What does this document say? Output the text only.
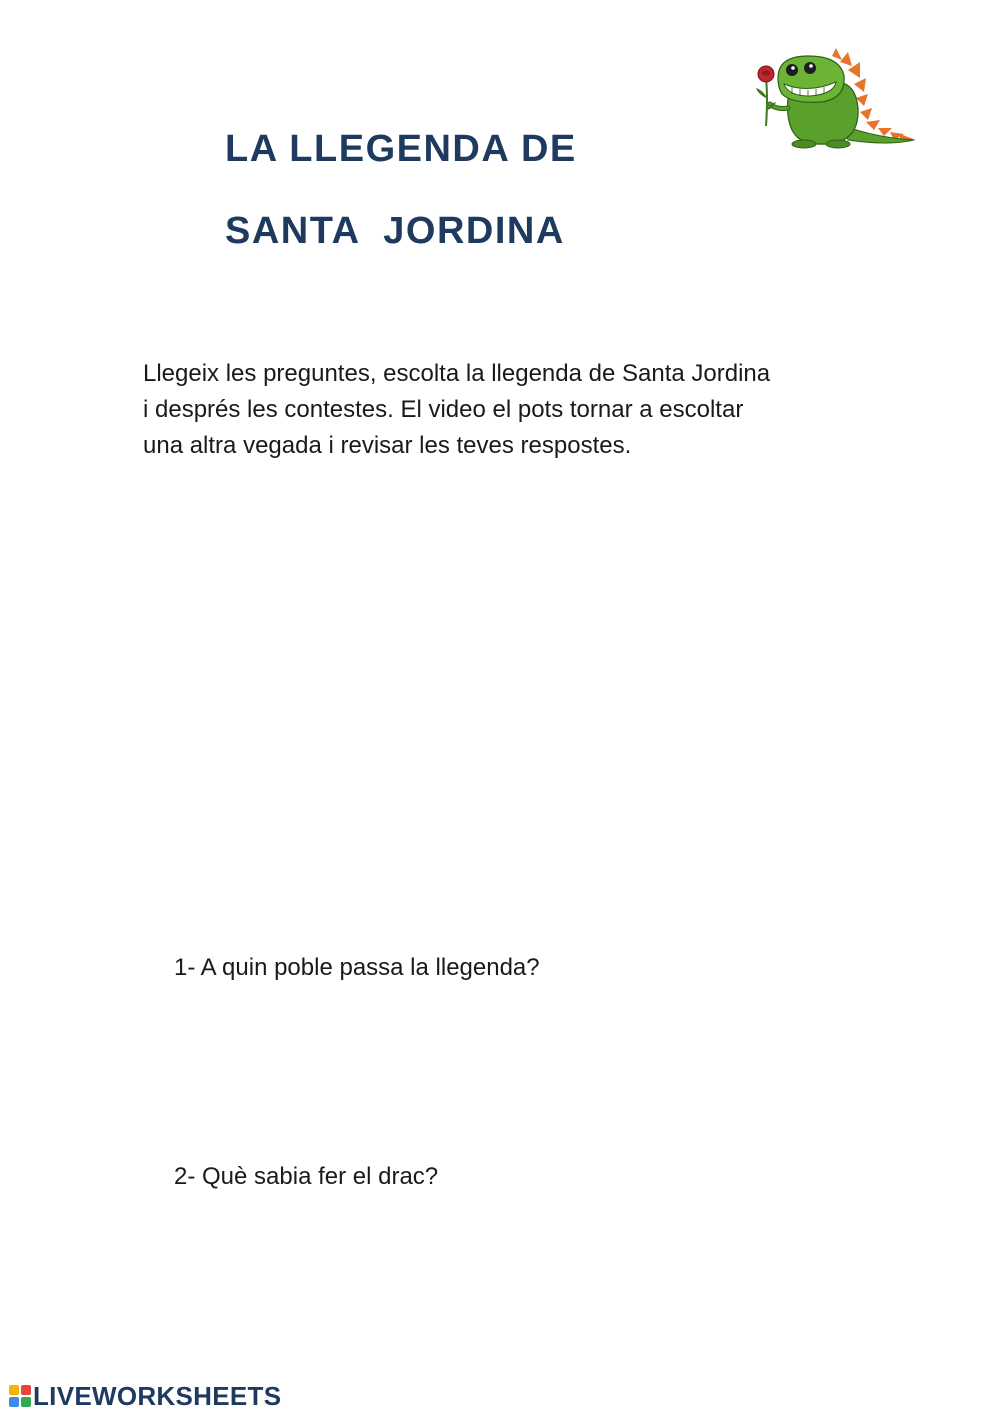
LA LLEGENDA DE
SANTA  JORDINA
Llegeix les preguntes, escolta la llegenda de Santa Jordina
i després les contestes. El video el pots tornar a escoltar
una altra vegada i revisar les teves respostes.

1- A quin poble passa la llegenda?

2- Què sabia fer el drac?

LIVEWORKSHEETS
